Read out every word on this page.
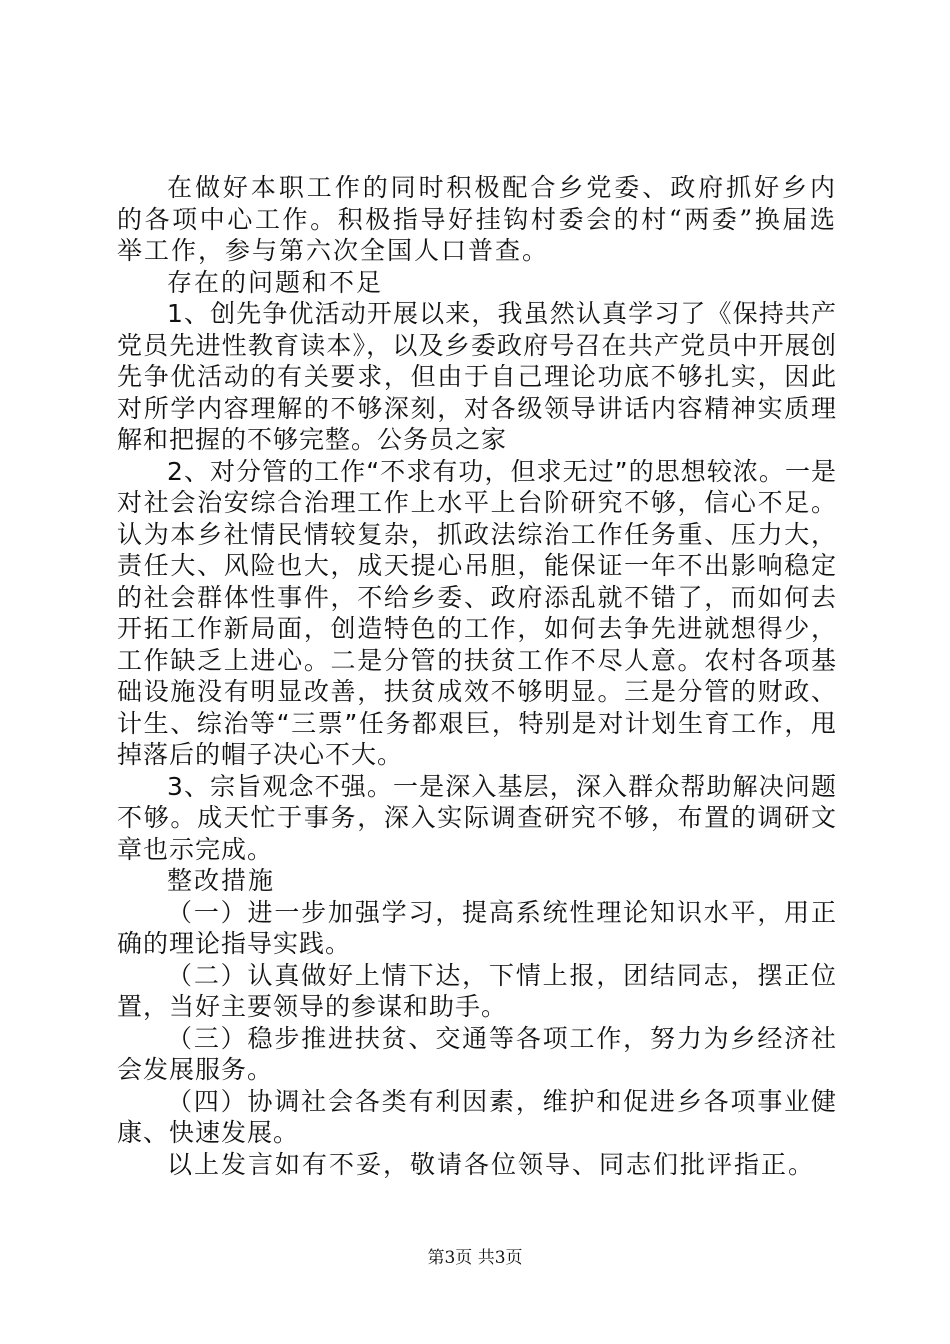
在做好本职工作的同时积极配合乡党委、政府抓好乡内的各项中心工作。积极指导好挂钩村委会的村“两委”换届选举工作，参与第六次全国人口普查。

存在的问题和不足

1、创先争优活动开展以来，我虽然认真学习了《保持共产党员先进性教育读本》，以及乡委政府号召在共产党员中开展创先争优活动的有关要求，但由于自己理论功底不够扎实，因此对所学内容理解的不够深刻，对各级领导讲话内容精神实质理解和把握的不够完整。公务员之家

2、对分管的工作“不求有功，但求无过”的思想较浓。一是对社会治安综合治理工作上水平上台阶研究不够，信心不足。认为本乡社情民情较复杂，抓政法综治工作任务重、压力大，责任大、风险也大，成天提心吊胆，能保证一年不出影响稳定的社会群体性事件，不给乡委、政府添乱就不错了，而如何去开拓工作新局面，创造特色的工作，如何去争先进就想得少，工作缺乏上进心。二是分管的扶贫工作不尽人意。农村各项基础设施没有明显改善，扶贫成效不够明显。三是分管的财政、计生、综治等“三票”任务都艰巨，特别是对计划生育工作，甩掉落后的帽子决心不大。

3、宗旨观念不强。一是深入基层，深入群众帮助解决问题不够。成天忙于事务，深入实际调查研究不够，布置的调研文章也示完成。

整改措施

（一）进一步加强学习，提高系统性理论知识水平，用正确的理论指导实践。

（二）认真做好上情下达，下情上报，团结同志，摆正位置，当好主要领导的参谋和助手。

（三）稳步推进扶贫、交通等各项工作，努力为乡经济社会发展服务。

（四）协调社会各类有利因素，维护和促进乡各项事业健康、快速发展。

以上发言如有不妥，敬请各位领导、同志们批评指正。

第3页 共3页
